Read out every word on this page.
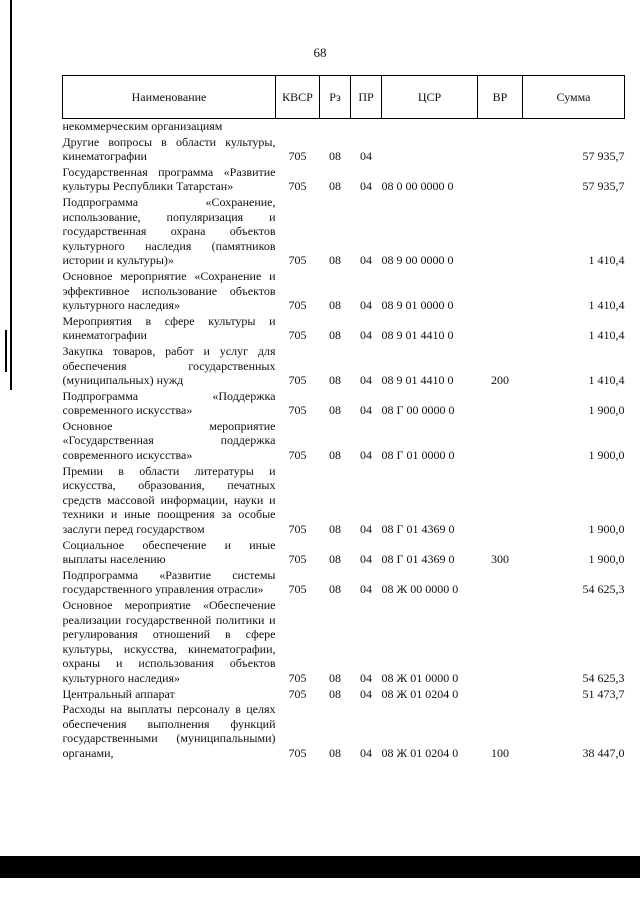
68
Наименование	КВСР	Рз	ПР	ЦСР	ВР	Сумма
некоммерческим организациям						
Другие вопросы в области культуры, кинематографии	705	08	04			57 935,7
Государственная программа «Развитие культуры Республики Татарстан»	705	08	04	08 0 00 0000 0		57 935,7
Подпрограмма «Сохранение, использование, популяризация и государственная охрана объектов культурного наследия (памятников истории и культуры)»	705	08	04	08 9 00 0000 0		1 410,4
Основное мероприятие «Сохранение и эффективное использование объектов культурного наследия»	705	08	04	08 9 01 0000 0		1 410,4
Мероприятия в сфере культуры и кинематографии	705	08	04	08 9 01 4410 0		1 410,4
Закупка товаров, работ и услуг для обеспечения государственных (муниципальных) нужд	705	08	04	08 9 01 4410 0	200	1 410,4
Подпрограмма «Поддержка современного искусства»	705	08	04	08 Г 00 0000 0		1 900,0
Основное мероприятие «Государственная поддержка современного искусства»	705	08	04	08 Г 01 0000 0		1 900,0
Премии в области литературы и искусства, образования, печатных средств массовой информации, науки и техники и иные поощрения за особые заслуги перед государством	705	08	04	08 Г 01 4369 0		1 900,0
Социальное обеспечение и иные выплаты населению	705	08	04	08 Г 01 4369 0	300	1 900,0
Подпрограмма «Развитие системы государственного управления отрасли»	705	08	04	08 Ж 00 0000 0		54 625,3
Основное мероприятие «Обеспечение реализации государственной политики и регулирования отношений в сфере культуры, искусства, кинематографии, охраны и использования объектов культурного наследия»	705	08	04	08 Ж 01 0000 0		54 625,3
Центральный аппарат	705	08	04	08 Ж 01 0204 0		51 473,7
Расходы на выплаты персоналу в целях обеспечения выполнения функций государственными (муниципальными) органами,	705	08	04	08 Ж 01 0204 0	100	38 447,0
